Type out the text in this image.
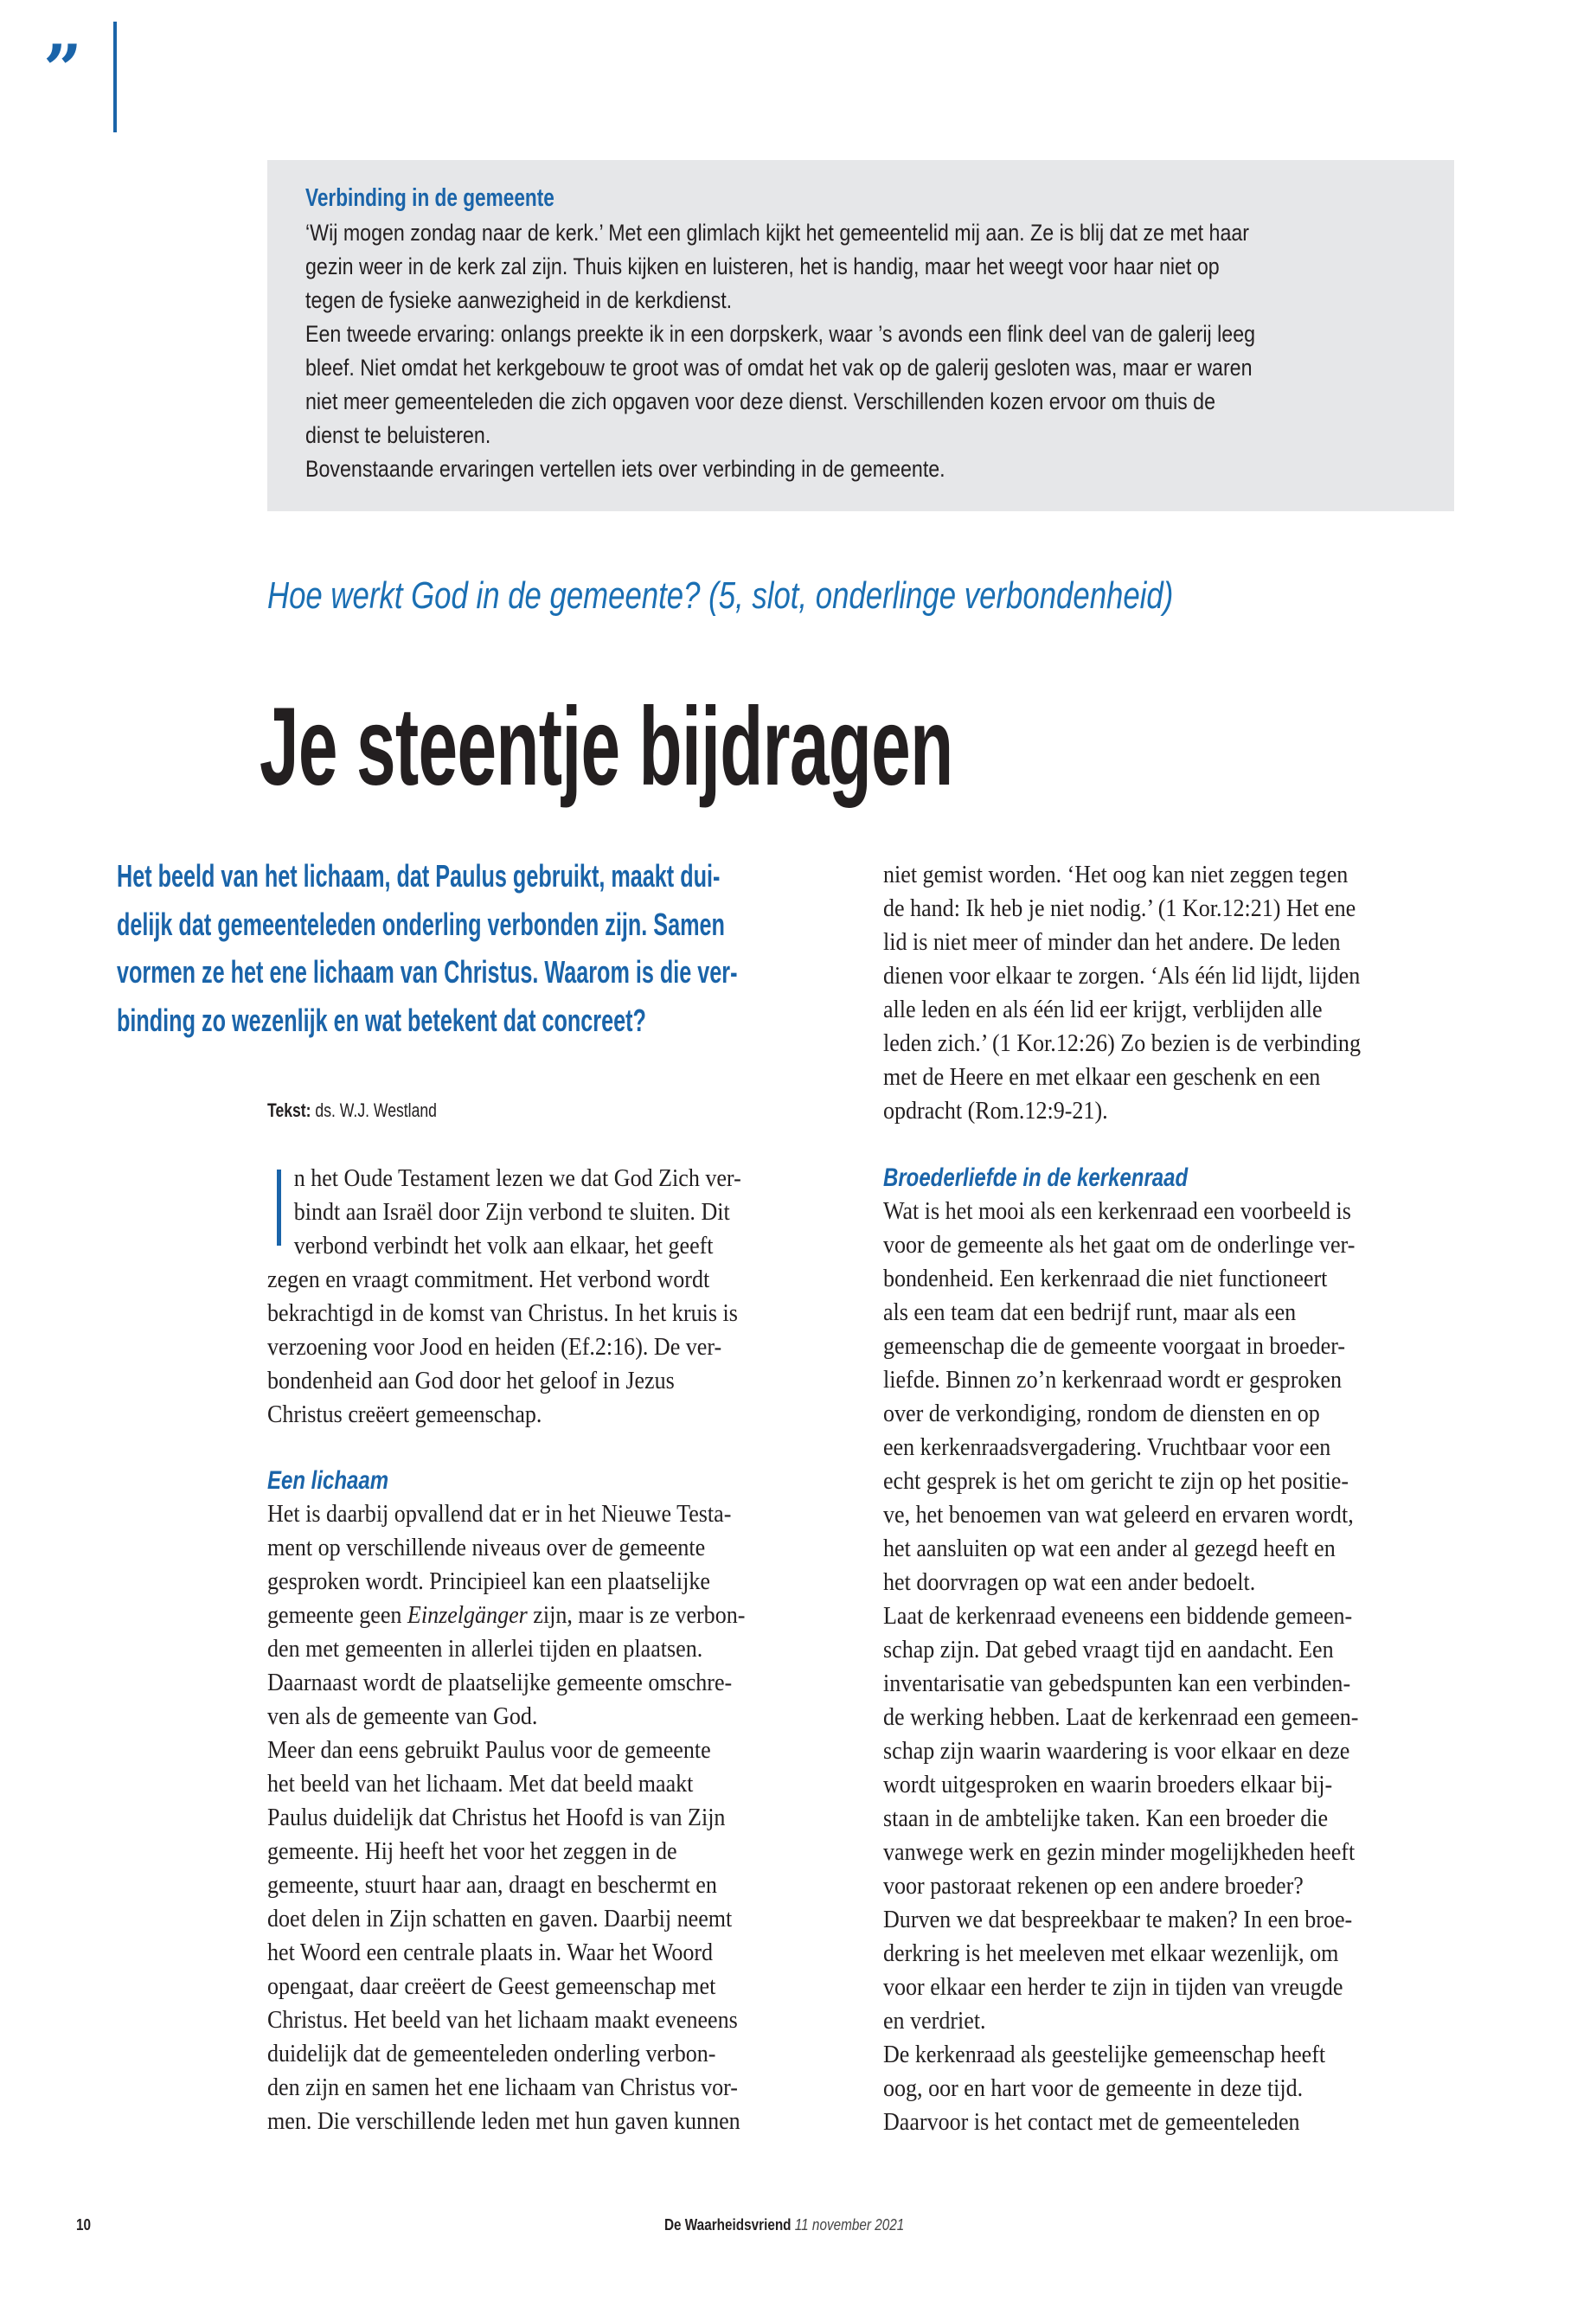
”
Verbinding in de gemeente
‘Wij mogen zondag naar de kerk.’ Met een glimlach kijkt het gemeentelid mij aan. Ze is blij dat ze met haar
gezin weer in de kerk zal zijn. Thuis kijken en luisteren, het is handig, maar het weegt voor haar niet op
tegen de fysieke aanwezigheid in de kerkdienst.
Een tweede ervaring: onlangs preekte ik in een dorpskerk, waar ’s avonds een flink deel van de galerij leeg
bleef. Niet omdat het kerkgebouw te groot was of omdat het vak op de galerij gesloten was, maar er waren
niet meer gemeenteleden die zich opgaven voor deze dienst. Verschillenden kozen ervoor om thuis de
dienst te beluisteren.
Bovenstaande ervaringen vertellen iets over verbinding in de gemeente.
Hoe werkt God in de gemeente? (5, slot, onderlinge verbondenheid)
Je steentje bijdragen
Het beeld van het lichaam, dat Paulus gebruikt, maakt dui-
delijk dat gemeenteleden onderling verbonden zijn. Samen
vormen ze het ene lichaam van Christus. Waarom is die ver-
binding zo wezenlijk en wat betekent dat concreet?
Tekst: ds. W.J. Westland
n het Oude Testament lezen we dat God Zich ver-
bindt aan Israël door Zijn verbond te sluiten. Dit
verbond verbindt het volk aan elkaar, het geeft
zegen en vraagt commitment. Het verbond wordt
bekrachtigd in de komst van Christus. In het kruis is
verzoening voor Jood en heiden (Ef.2:16). De ver-
bondenheid aan God door het geloof in Jezus
Christus creëert gemeenschap.
Een lichaam
Het is daarbij opvallend dat er in het Nieuwe Testa-
ment op verschillende niveaus over de gemeente
gesproken wordt. Principieel kan een plaatselijke
gemeente geen Einzelgänger zijn, maar is ze verbon-
den met gemeenten in allerlei tijden en plaatsen.
Daarnaast wordt de plaatselijke gemeente omschre-
ven als de gemeente van God.
Meer dan eens gebruikt Paulus voor de gemeente
het beeld van het lichaam. Met dat beeld maakt
Paulus duidelijk dat Christus het Hoofd is van Zijn
gemeente. Hij heeft het voor het zeggen in de
gemeente, stuurt haar aan, draagt en beschermt en
doet delen in Zijn schatten en gaven. Daarbij neemt
het Woord een centrale plaats in. Waar het Woord
opengaat, daar creëert de Geest gemeenschap met
Christus. Het beeld van het lichaam maakt eveneens
duidelijk dat de gemeenteleden onderling verbon-
den zijn en samen het ene lichaam van Christus vor-
men. Die verschillende leden met hun gaven kunnen
niet gemist worden. ‘Het oog kan niet zeggen tegen
de hand: Ik heb je niet nodig.’ (1 Kor.12:21) Het ene
lid is niet meer of minder dan het andere. De leden
dienen voor elkaar te zorgen. ‘Als één lid lijdt, lijden
alle leden en als één lid eer krijgt, verblijden alle
leden zich.’ (1 Kor.12:26) Zo bezien is de verbinding
met de Heere en met elkaar een geschenk en een
opdracht (Rom.12:9-21).
Broederliefde in de kerkenraad
Wat is het mooi als een kerkenraad een voorbeeld is
voor de gemeente als het gaat om de onderlinge ver-
bondenheid. Een kerkenraad die niet functioneert
als een team dat een bedrijf runt, maar als een
gemeenschap die de gemeente voorgaat in broeder-
liefde. Binnen zo’n kerkenraad wordt er gesproken
over de verkondiging, rondom de diensten en op
een kerkenraadsvergadering. Vruchtbaar voor een
echt gesprek is het om gericht te zijn op het positie-
ve, het benoemen van wat geleerd en ervaren wordt,
het aansluiten op wat een ander al gezegd heeft en
het doorvragen op wat een ander bedoelt.
Laat de kerkenraad eveneens een biddende gemeen-
schap zijn. Dat gebed vraagt tijd en aandacht. Een
inventarisatie van gebedspunten kan een verbinden-
de werking hebben. Laat de kerkenraad een gemeen-
schap zijn waarin waardering is voor elkaar en deze
wordt uitgesproken en waarin broeders elkaar bij-
staan in de ambtelijke taken. Kan een broeder die
vanwege werk en gezin minder mogelijkheden heeft
voor pastoraat rekenen op een andere broeder?
Durven we dat bespreekbaar te maken? In een broe-
derkring is het meeleven met elkaar wezenlijk, om
voor elkaar een herder te zijn in tijden van vreugde
en verdriet.
De kerkenraad als geestelijke gemeenschap heeft
oog, oor en hart voor de gemeente in deze tijd.
Daarvoor is het contact met de gemeenteleden
10	De Waarheidsvriend 11 november 2021
